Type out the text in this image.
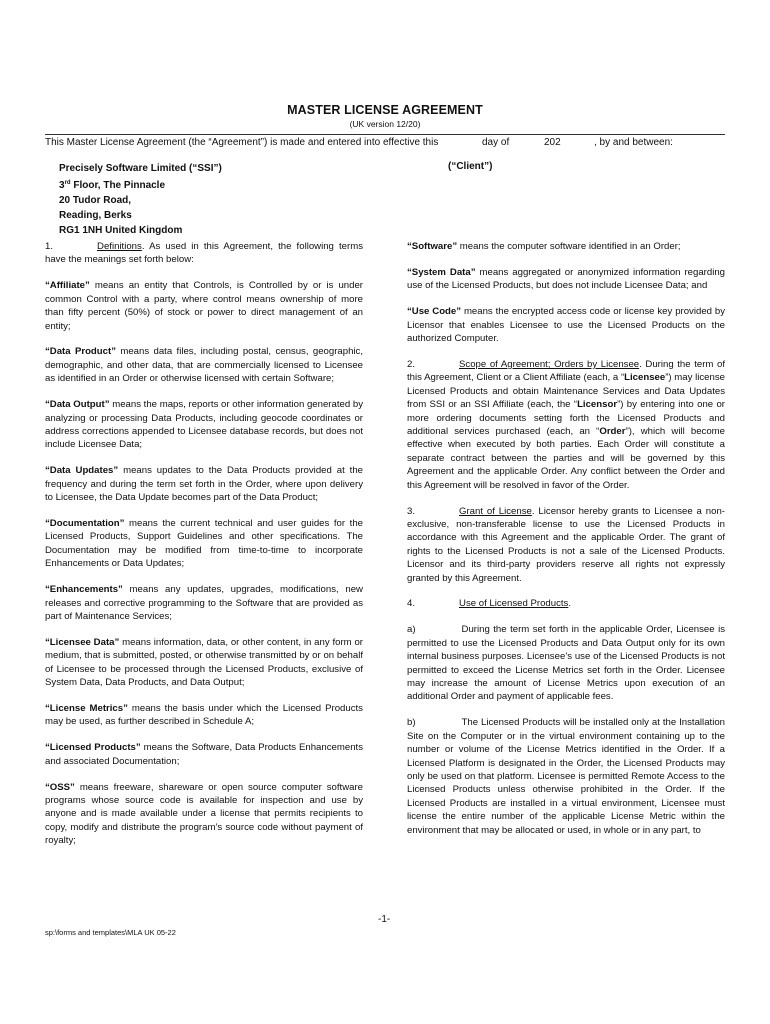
MASTER LICENSE AGREEMENT
(UK version 12/20)
This Master License Agreement (the “Agreement”) is made and entered into effective this	day of	202	, by and between:
Precisely Software Limited (“SSI”)
3rd Floor, The Pinnacle
20 Tudor Road,
Reading, Berks
RG1 1NH United Kingdom
(“Client”)

1.	Definitions. As used in this Agreement, the following terms have the meanings set forth below:

“Affiliate” means an entity that Controls, is Controlled by or is under common Control with a party, where control means ownership of more than fifty percent (50%) of stock or power to direct management of an entity;

“Data Product” means data files, including postal, census, geographic, demographic, and other data, that are commercially licensed to Licensee as identified in an Order or otherwise licensed with certain Software;

“Data Output” means the maps, reports or other information generated by analyzing or processing Data Products, including geocode coordinates or address corrections appended to Licensee database records, but does not include Licensee Data;

“Data Updates” means updates to the Data Products provided at the frequency and during the term set forth in the Order, where upon delivery to Licensee, the Data Update becomes part of the Data Product;

“Documentation” means the current technical and user guides for the Licensed Products, Support Guidelines and other specifications. The Documentation may be modified from time-to-time to incorporate Enhancements or Data Updates;

“Enhancements” means any updates, upgrades, modifications, new releases and corrective programming to the Software that are provided as part of Maintenance Services;

“Licensee Data” means information, data, or other content, in any form or medium, that is submitted, posted, or otherwise transmitted by or on behalf of Licensee to be processed through the Licensed Products, exclusive of System Data, Data Products, and Data Output;

“License Metrics” means the basis under which the Licensed Products may be used, as further described in Schedule A;

“Licensed Products” means the Software, Data Products Enhancements and associated Documentation;

“OSS” means freeware, shareware or open source computer software programs whose source code is available for inspection and use by anyone and is made available under a license that permits recipients to copy, modify and distribute the program’s source code without payment of royalty;

“Software” means the computer software identified in an Order;

“System Data” means aggregated or anonymized information regarding use of the Licensed Products, but does not include Licensee Data; and

“Use Code” means the encrypted access code or license key provided by Licensor that enables Licensee to use the Licensed Products on the authorized Computer.

2.	Scope of Agreement; Orders by Licensee. During the term of this Agreement, Client or a Client Affiliate (each, a “Licensee”) may license Licensed Products and obtain Maintenance Services and Data Updates from SSI or an SSI Affiliate (each, the “Licensor”) by entering into one or more ordering documents setting forth the Licensed Products and additional services purchased (each, an “Order”), which will become effective when executed by both parties. Each Order will constitute a separate contract between the parties and will be governed by this Agreement and the applicable Order. Any conflict between the Order and this Agreement will be resolved in favor of the Order.

3.	Grant of License. Licensor hereby grants to Licensee a non-exclusive, non-transferable license to use the Licensed Products in accordance with this Agreement and the applicable Order. The grant of rights to the Licensed Products is not a sale of the Licensed Products. Licensor and its third-party providers reserve all rights not expressly granted by this Agreement.

4.	Use of Licensed Products.

a)	During the term set forth in the applicable Order, Licensee is permitted to use the Licensed Products and Data Output only for its own internal business purposes. Licensee’s use of the Licensed Products is not permitted to exceed the License Metrics set forth in the Order. Licensee may increase the amount of License Metrics upon execution of an additional Order and payment of applicable fees.

b)	The Licensed Products will be installed only at the Installation Site on the Computer or in the virtual environment containing up to the number or volume of the License Metrics identified in the Order. If a Licensed Platform is designated in the Order, the Licensed Products may only be used on that platform. Licensee is permitted Remote Access to the Licensed Products unless otherwise prohibited in the Order. If the Licensed Products are installed in a virtual environment, Licensee must license the entire number of the applicable License Metric within the environment that may be allocated or used, in whole or in any part, to

-1-
sp:\forms and templates\MLA UK 05-22
